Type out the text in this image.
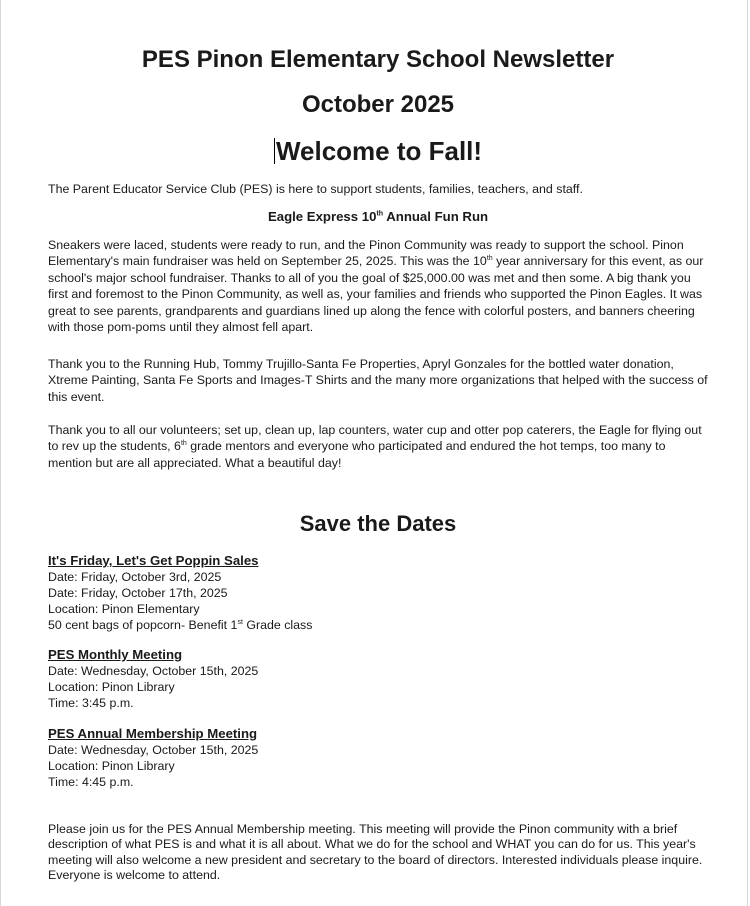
PES Pinon Elementary School Newsletter
October 2025
Welcome to Fall!

The Parent Educator Service Club (PES) is here to support students, families, teachers, and staff.

Eagle Express 10th Annual Fun Run

Sneakers were laced, students were ready to run, and the Pinon Community was ready to support the school. Pinon Elementary's main fundraiser was held on September 25, 2025. This was the 10th year anniversary for this event, as our school's major school fundraiser. Thanks to all of you the goal of $25,000.00 was met and then some. A big thank you first and foremost to the Pinon Community, as well as, your families and friends who supported the Pinon Eagles. It was great to see parents, grandparents and guardians lined up along the fence with colorful posters, and banners cheering with those pom-poms until they almost fell apart.

Thank you to the Running Hub, Tommy Trujillo-Santa Fe Properties, Apryl Gonzales for the bottled water donation, Xtreme Painting, Santa Fe Sports and Images-T Shirts and the many more organizations that helped with the success of this event.

Thank you to all our volunteers; set up, clean up, lap counters, water cup and otter pop caterers, the Eagle for flying out to rev up the students, 6th grade mentors and everyone who participated and endured the hot temps, too many to mention but are all appreciated. What a beautiful day!

Save the Dates
It's Friday, Let's Get Poppin Sales
Date: Friday, October 3rd, 2025
Date: Friday, October 17th, 2025
Location: Pinon Elementary
50 cent bags of popcorn- Benefit 1st Grade class
PES Monthly Meeting
Date: Wednesday, October 15th, 2025
Location: Pinon Library
Time: 3:45 p.m.
PES Annual Membership Meeting
Date: Wednesday, October 15th, 2025
Location: Pinon Library
Time: 4:45 p.m.

Please join us for the PES Annual Membership meeting. This meeting will provide the Pinon community with a brief description of what PES is and what it is all about. What we do for the school and WHAT you can do for us. This year's meeting will also welcome a new president and secretary to the board of directors. Interested individuals please inquire. Everyone is welcome to attend.
